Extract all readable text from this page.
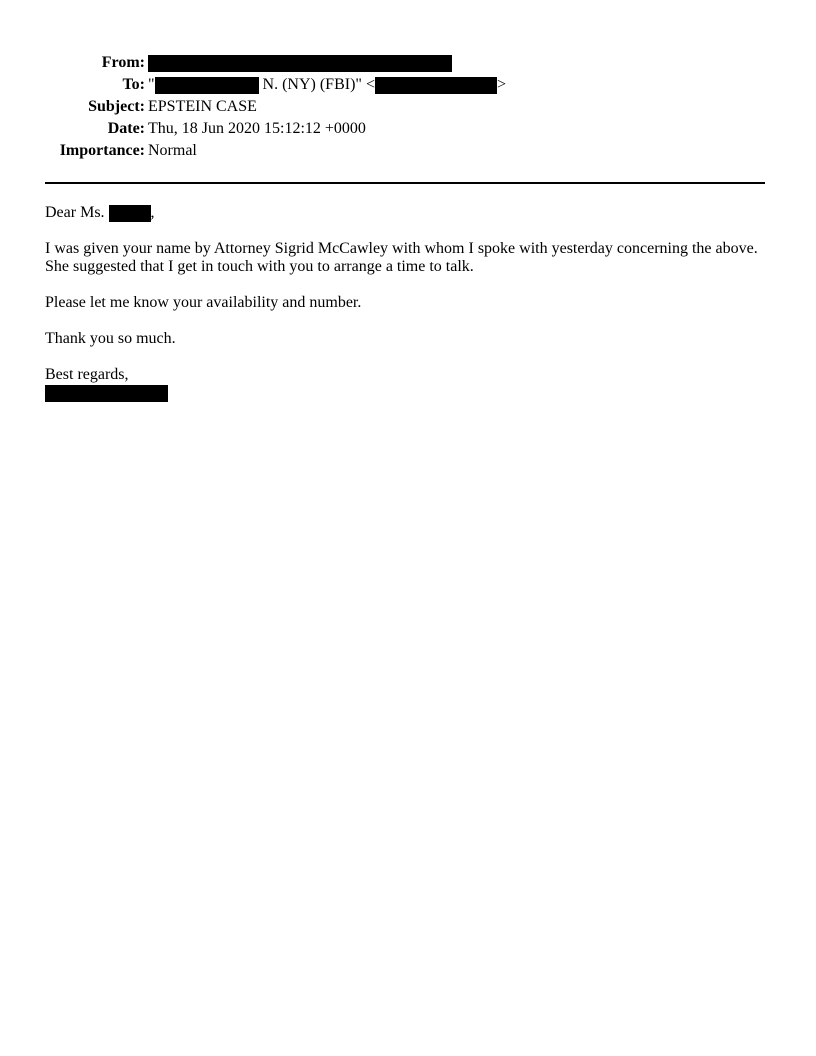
From:
To: "	N. (NY) (FBI)" <	>
Subject: EPSTEIN CASE
Date: Thu, 18 Jun 2020 15:12:12 +0000
Importance: Normal

Dear Ms.	,

I was given your name by Attorney Sigrid McCawley with whom I spoke with yesterday concerning the above.
She suggested that I get in touch with you to arrange a time to talk.

Please let me know your availability and number.

Thank you so much.

Best regards,
